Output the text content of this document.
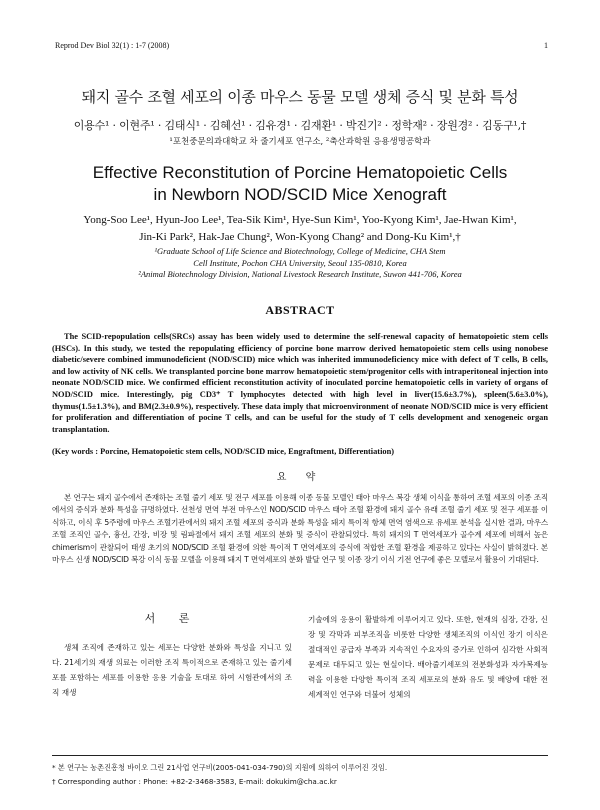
Reprod Dev Biol 32(1) : 1-7 (2008)	1
돼지 골수 조혈 세포의 이종 마우스 동물 모델 생체 증식 및 분화 특성
이용수¹ · 이현주¹ · 김태식¹ · 김혜선¹ · 김유경¹ · 김재환¹ · 박진기² · 정학재² · 장원경² · 김동구¹,†
¹포천중문의과대학교 차 줄기세포 연구소, ²축산과학원 응용생명공학과
Effective Reconstitution of Porcine Hematopoietic Cells
in Newborn NOD/SCID Mice Xenograft
Yong-Soo Lee¹, Hyun-Joo Lee¹, Tea-Sik Kim¹, Hye-Sun Kim¹, Yoo-Kyong Kim¹, Jae-Hwan Kim¹,
Jin-Ki Park², Hak-Jae Chung², Won-Kyong Chang² and Dong-Ku Kim¹,†
¹Graduate School of Life Science and Biotechnology, College of Medicine, CHA Stem
Cell Institute, Pochon CHA University, Seoul 135-0810, Korea
²Animal Biotechnology Division, National Livestock Research Institute, Suwon 441-706, Korea
ABSTRACT
The SCID-repopulation cells(SRCs) assay has been widely used to determine the self-renewal capacity of hematopoietic stem cells (HSCs). In this study, we tested the repopulating efficiency of porcine bone marrow derived hematopoietic stem cells using nonobese diabetic/severe combined immunodeficient (NOD/SCID) mice which was inherited immunodeficiency mice with defect of T cells, B cells, and low activity of NK cells. We transplanted porcine bone marrow hematopoietic stem/progenitor cells with intraperitoneal injection into neonate NOD/SCID mice. We confirmed efficient reconstitution activity of inoculated porcine hematopoietic cells in variety of organs of NOD/SCID mice. Interestingly, pig CD3⁺ T lymphocytes detected with high level in liver(15.6±3.7%), spleen(5.6±3.0%), thymus(1.5±1.3%), and BM(2.3±0.9%), respectively. These data imply that microenvironment of neonate NOD/SCID mice is very efficient for proliferation and differentiation of pocine T cells, and can be useful for the study of T cells development and xenogeneic organ transplantation.
(Key words : Porcine, Hematopoietic stem cells, NOD/SCID mice, Engraftment, Differentiation)
요 약
본 연구는 돼지 골수에서 존재하는 조혈 줄기 세포 및 전구 세포를 이용해 이종 동물 모델인 태아 마우스 복강 생체 이식을 통하여 조혈 세포의 이종 조직에서의 증식과 분화 특성을 규명하였다. 선천성 면역 부전 마우스인 NOD/SCID 마우스 태아 조혈 환경에 돼지 골수 유래 조혈 줄기 세포 및 전구 세포를 이식하고, 이식 후 5주령에 마우스 조혈기관에서의 돼지 조혈 세포의 증식과 분화 특성을 돼지 특이적 항체 면역 염색으로 유세포 분석을 실시한 결과, 마우스 조혈 조직인 골수, 흉선, 간장, 비장 및 림파절에서 돼지 조혈 세포의 분화 및 증식이 관찰되었다. 특히 돼지의 T 면역세포가 골수계 세포에 비해서 높은 chimerism이 관찰되어 태생 초기의 NOD/SCID 조혈 환경에 의한 특이적 T 면역세포의 증식에 적합한 조혈 환경을 제공하고 있다는 사실이 밝혀졌다. 본 마우스 신생 NOD/SCID 복강 이식 동물 모델을 이용해 돼지 T 면역세포의 분화 발달 연구 및 이종 장기 이식 기전 연구에 좋은 모델로서 활용이 기대된다.
서 론
생체 조직에 존재하고 있는 세포는 다양한 분화와 특성을 지니고 있다. 21세기의 재생 의료는 이러한 조직 특이적으로 존재하고 있는 줄기세포를 포함하는 세포를 이용한 응용 기술을 토대로 하여 시험관에서의 조직 재생
기술에의 응용이 활발하게 이루어지고 있다. 또한, 현재의 심장, 간장, 신장 및 각막과 피부조직을 비롯한 다양한 생체조직의 이식인 장기 이식은 절대적인 공급자 부족과 지속적인 수요자의 증가로 인하여 심각한 사회적 문제로 대두되고 있는 현실이다. 배아줄기세포의 전분화성과 자가복제능력을 이용한 다양한 특이적 조직 세포로의 분화 유도 및 배양에 대한 전 세계적인 연구와 더불어 성체의
* 본 연구는 농촌진흥청 바이오 그린 21사업 연구비(2005-041-034-790)의 지원에 의하여 이루어진 것임.
† Corresponding author : Phone: +82-2-3468-3583, E-mail: dokukim@cha.ac.kr
